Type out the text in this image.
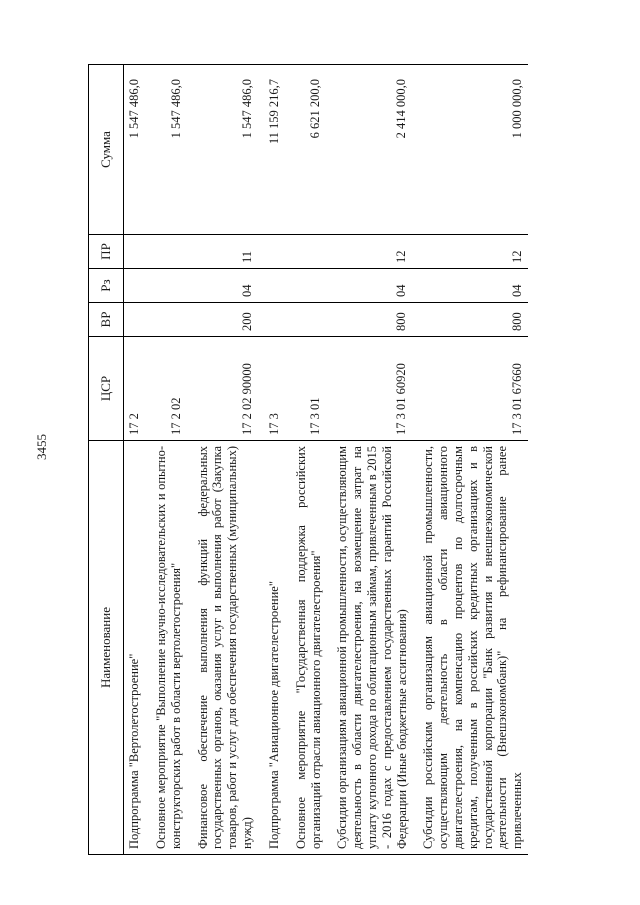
3455
Наименование	ЦСР	ВР	Рз	ПР	Сумма
Подпрограмма "Вертолетостроение"	17 2				1 547 486,0
Основное мероприятие "Выполнение научно-исследовательских и опытно-конструкторских работ в области вертолетостроения"	17 2 02				1 547 486,0
Финансовое обеспечение выполнения функций федеральных государственных органов, оказания услуг и выполнения работ (Закупка товаров, работ и услуг для обеспечения государственных (муниципальных) нужд)	17 2 02 90000	200	04	11	1 547 486,0
Подпрограмма "Авиационное двигателестроение"	17 3				11 159 216,7
Основное мероприятие "Государственная поддержка российских организаций отрасли авиационного двигателестроения"	17 3 01				6 621 200,0
Субсидии организациям авиационной промышленности, осуществляющим деятельность в области двигателестроения, на возмещение затрат на уплату купонного дохода по облигационным займам, привлеченным в 2015 - 2016 годах с предоставлением государственных гарантий Российской Федерации (Иные бюджетные ассигнования)	17 3 01 60920	800	04	12	2 414 000,0
Субсидии российским организациям авиационной промышленности, осуществляющим деятельность в области авиационного двигателестроения, на компенсацию процентов по долгосрочным кредитам, полученным в российских кредитных организациях и в государственной корпорации "Банк развития и внешнеэкономической деятельности (Внешэкономбанк)" на рефинансирование ранее привлеченных	17 3 01 67660	800	04	12	1 000 000,0
